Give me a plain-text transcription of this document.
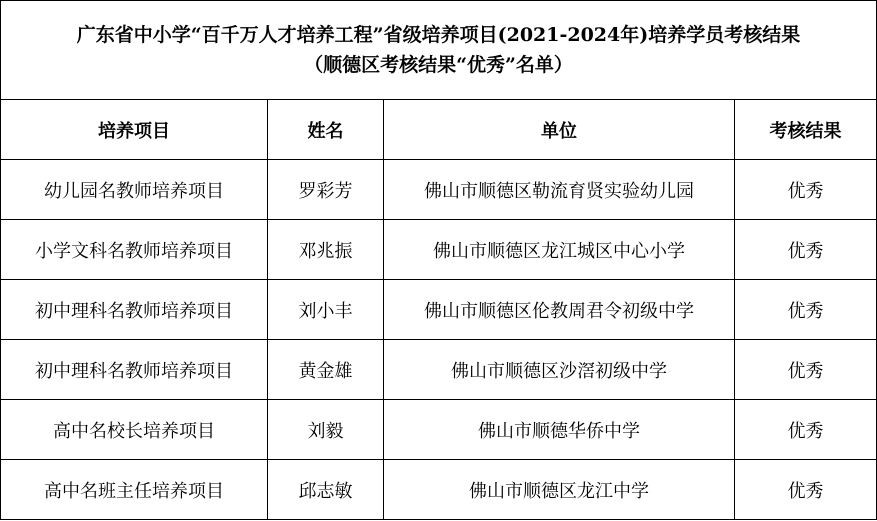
广东省中小学“百千万人才培养工程”省级培养项目(2021-2024年)培养学员考核结果
（顺德区考核结果“优秀”名单）			

培养项目	姓名	单位	考核结果
幼儿园名教师培养项目	罗彩芳	佛山市顺德区勒流育贤实验幼儿园	优秀
小学文科名教师培养项目	邓兆振	佛山市顺德区龙江城区中心小学	优秀
初中理科名教师培养项目	刘小丰	佛山市顺德区伦教周君令初级中学	优秀
初中理科名教师培养项目	黄金雄	佛山市顺德区沙滘初级中学	优秀
高中名校长培养项目	刘毅	佛山市顺德华侨中学	优秀
高中名班主任培养项目	邱志敏	佛山市顺德区龙江中学	优秀
